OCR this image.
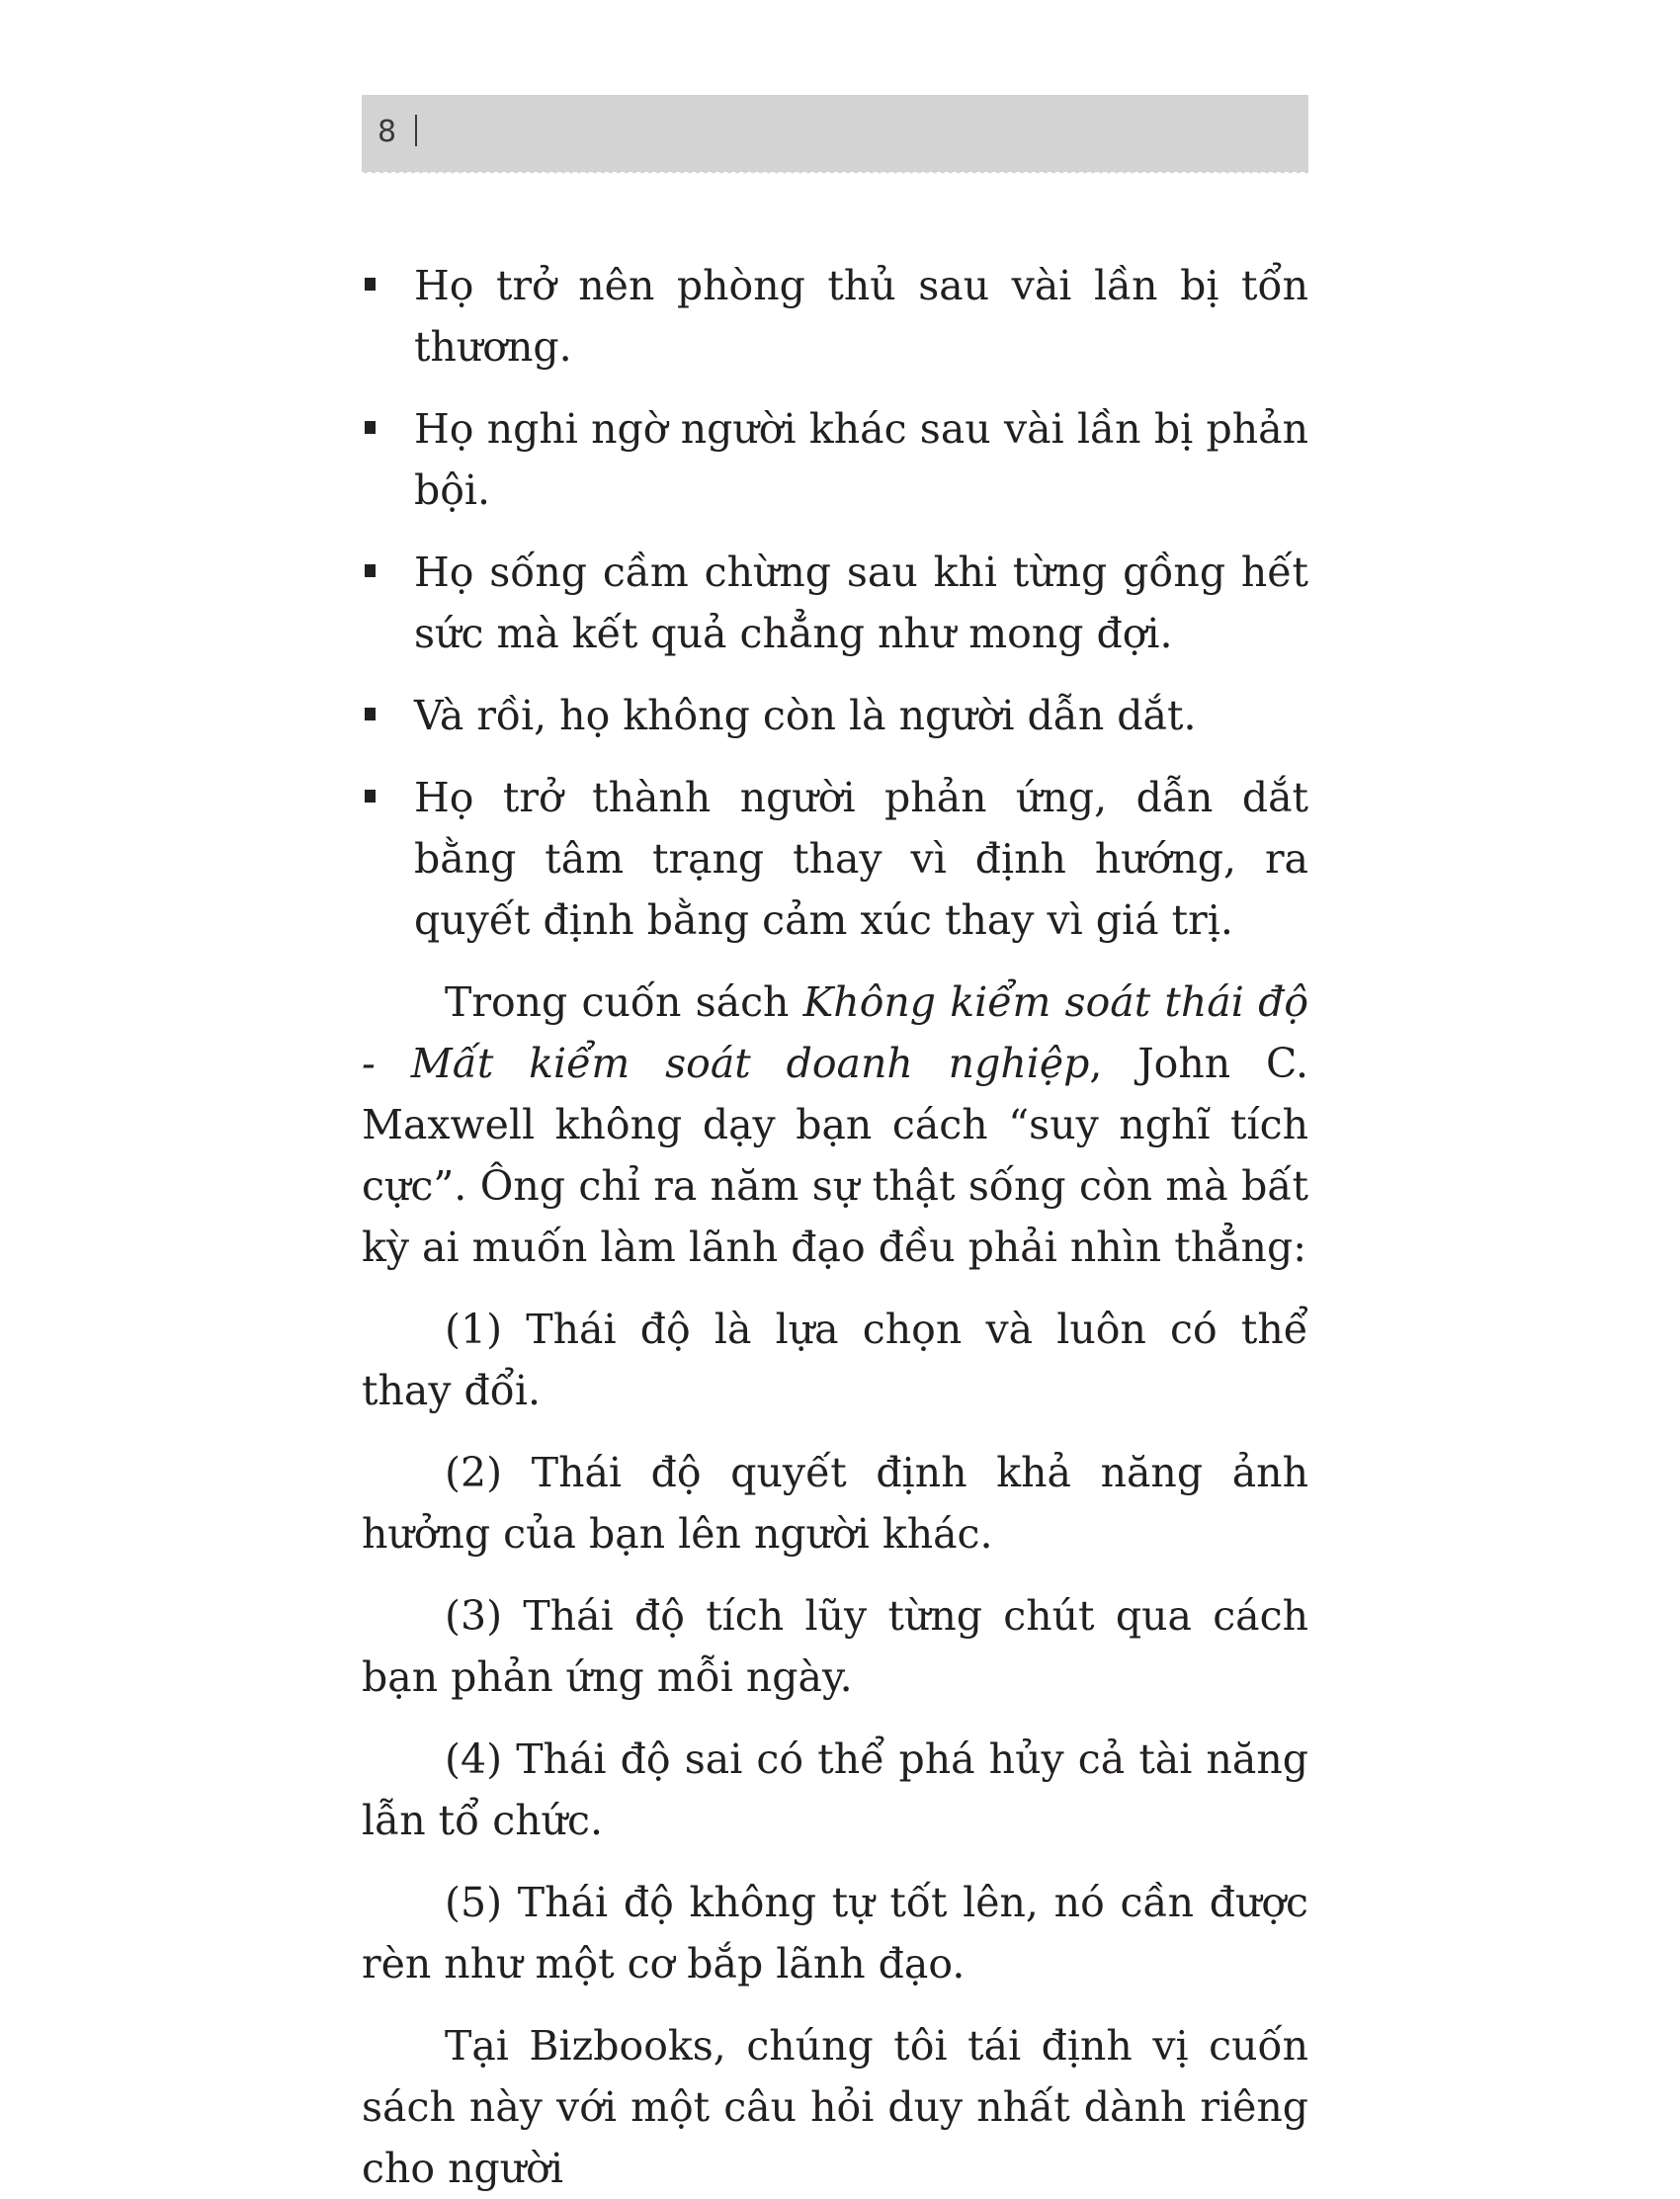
8
Họ trở nên phòng thủ sau vài lần bị tổn thương.
Họ nghi ngờ người khác sau vài lần bị phản bội.
Họ sống cầm chừng sau khi từng gồng hết sức mà kết quả chẳng như mong đợi.
Và rồi, họ không còn là người dẫn dắt.
Họ trở thành người phản ứng, dẫn dắt bằng tâm trạng thay vì định hướng, ra quyết định bằng cảm xúc thay vì giá trị.

Trong cuốn sách Không kiểm soát thái độ - Mất kiểm soát doanh nghiệp, John C. Maxwell không dạy bạn cách “suy nghĩ tích cực”. Ông chỉ ra năm sự thật sống còn mà bất kỳ ai muốn làm lãnh đạo đều phải nhìn thẳng:

(1) Thái độ là lựa chọn và luôn có thể thay đổi.

(2) Thái độ quyết định khả năng ảnh hưởng của bạn lên người khác.

(3) Thái độ tích lũy từng chút qua cách bạn phản ứng mỗi ngày.

(4) Thái độ sai có thể phá hủy cả tài năng lẫn tổ chức.

(5) Thái độ không tự tốt lên, nó cần được rèn như một cơ bắp lãnh đạo.

Tại Bizbooks, chúng tôi tái định vị cuốn sách này với một câu hỏi duy nhất dành riêng cho người
